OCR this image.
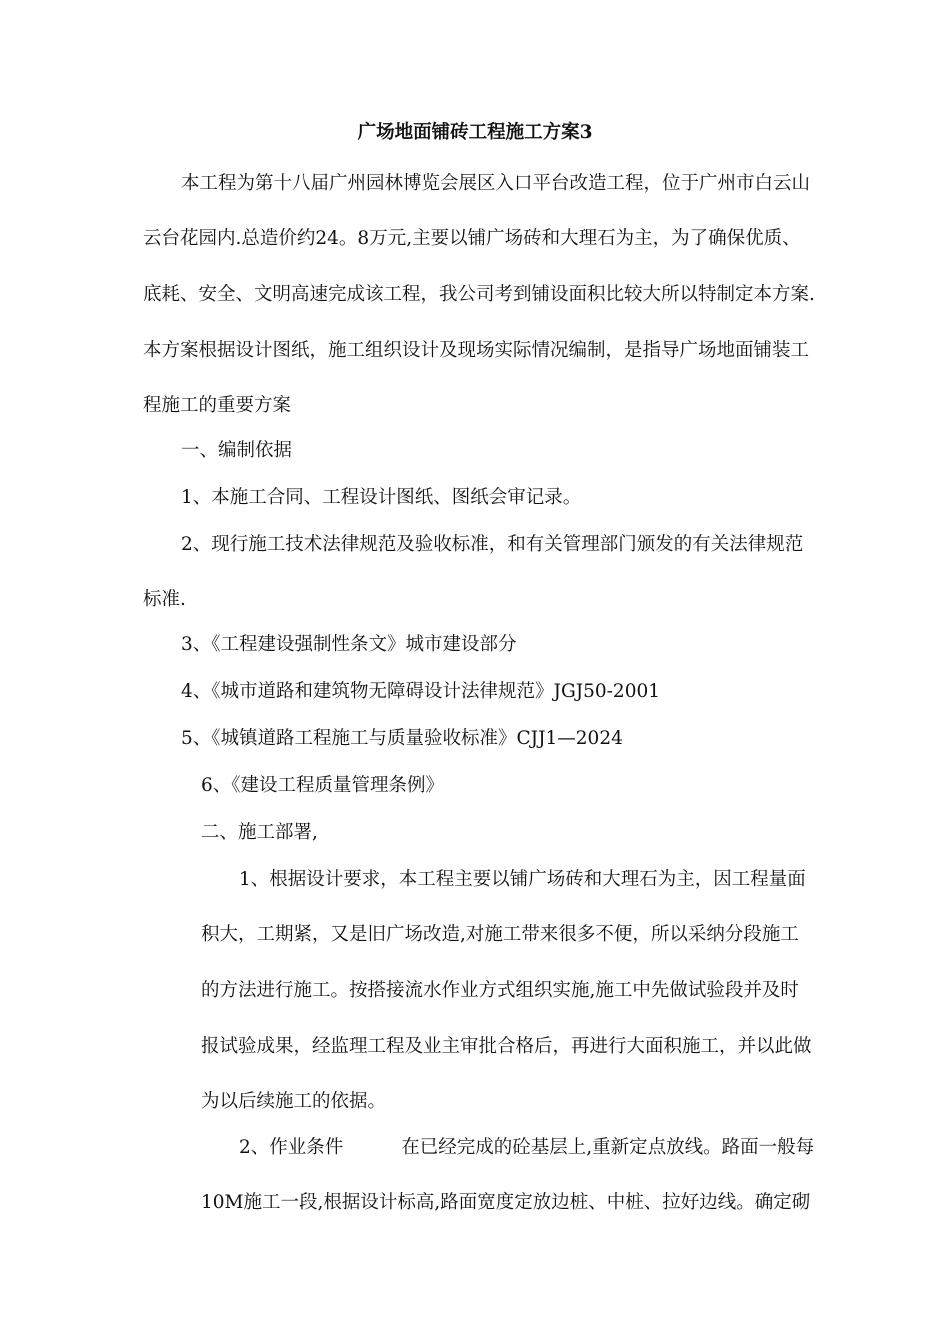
广场地面铺砖工程施工方案3

本工程为第十八届广州园林博览会展区入口平台改造工程，位于广州市白云山

云台花园内.总造价约24。8万元,主要以铺广场砖和大理石为主，为了确保优质、

底耗、安全、文明高速完成该工程，我公司考到铺设面积比较大所以特制定本方案.

本方案根据设计图纸，施工组织设计及现场实际情况编制，是指导广场地面铺装工

程施工的重要方案

一、编制依据

1、本施工合同、工程设计图纸、图纸会审记录。

2、现行施工技术法律规范及验收标准，和有关管理部门颁发的有关法律规范

标准.

3、《工程建设强制性条文》城市建设部分

4、《城市道路和建筑物无障碍设计法律规范》JGJ50-2001

5、《城镇道路工程施工与质量验收标准》CJJ1—2024

6、《建设工程质量管理条例》

二、施工部署,

1、根据设计要求，本工程主要以铺广场砖和大理石为主，因工程量面

积大，工期紧，又是旧广场改造,对施工带来很多不便，所以采纳分段施工

的方法进行施工。按搭接流水作业方式组织实施,施工中先做试验段并及时

报试验成果，经监理工程及业主审批合格后，再进行大面积施工，并以此做

为以后续施工的依据。

2、作业条件	在已经完成的砼基层上,重新定点放线。路面一般每

10M施工一段,根据设计标高,路面宽度定放边桩、中桩、拉好边线。确定砌
